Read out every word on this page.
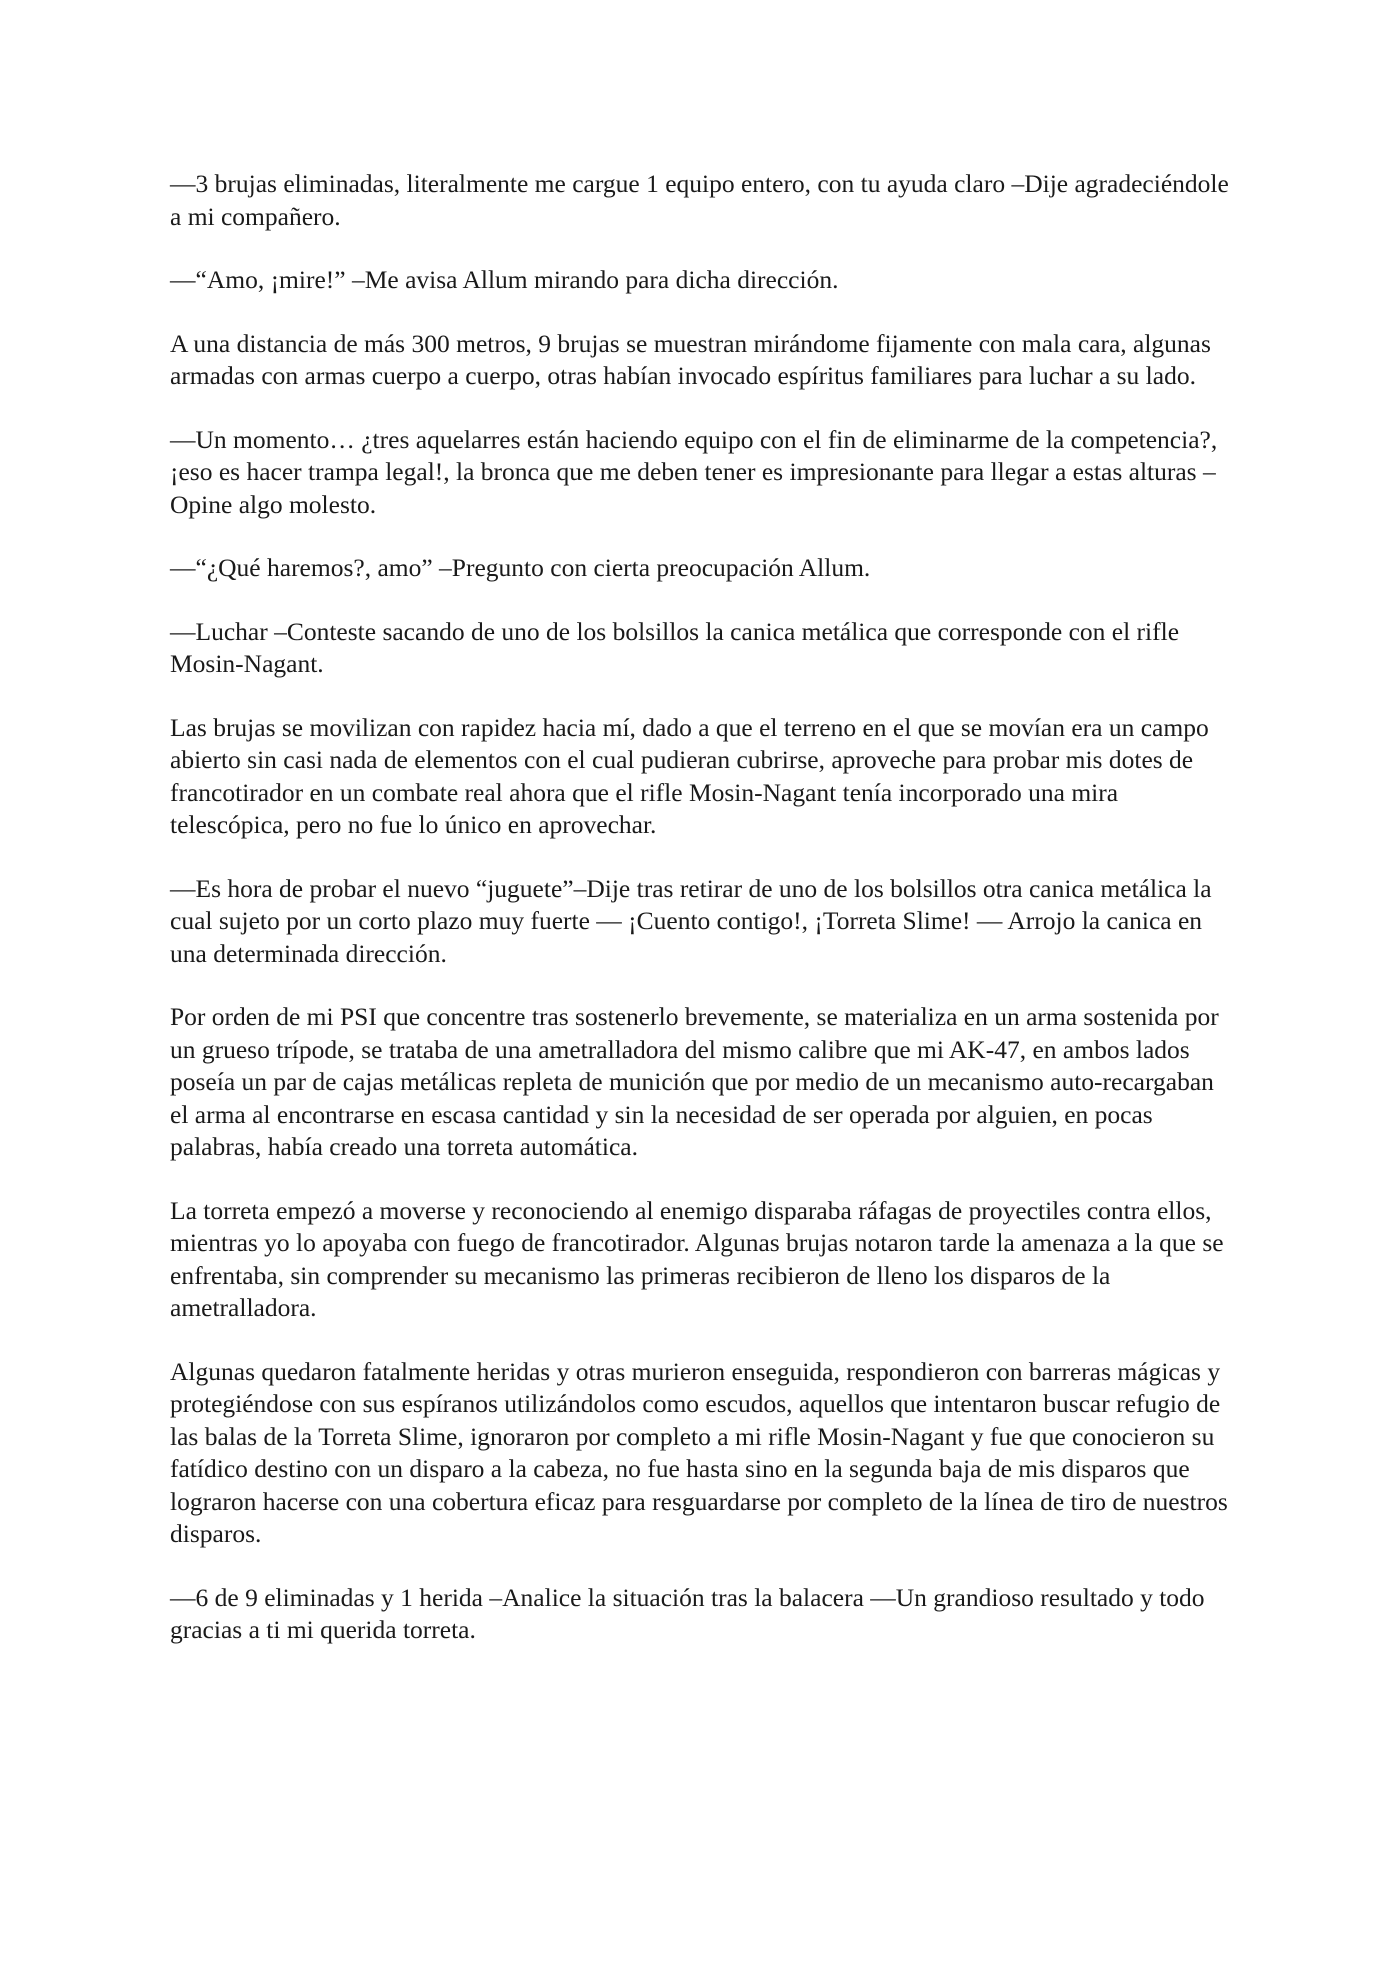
—3 brujas eliminadas, literalmente me cargue 1 equipo entero, con tu ayuda claro –Dije agradeciéndole a mi compañero.

—“Amo, ¡mire!” –Me avisa Allum mirando para dicha dirección.

A una distancia de más 300 metros, 9 brujas se muestran mirándome fijamente con mala cara, algunas armadas con armas cuerpo a cuerpo, otras habían invocado espíritus familiares para luchar a su lado.

—Un momento… ¿tres aquelarres están haciendo equipo con el fin de eliminarme de la competencia?, ¡eso es hacer trampa legal!, la bronca que me deben tener es impresionante para llegar a estas alturas –Opine algo molesto.

—“¿Qué haremos?, amo” –Pregunto con cierta preocupación Allum.

—Luchar –Conteste sacando de uno de los bolsillos la canica metálica que corresponde con el rifle Mosin-Nagant.

Las brujas se movilizan con rapidez hacia mí, dado a que el terreno en el que se movían era un campo abierto sin casi nada de elementos con el cual pudieran cubrirse, aproveche para probar mis dotes de francotirador en un combate real ahora que el rifle Mosin-Nagant tenía incorporado una mira telescópica, pero no fue lo único en aprovechar.

—Es hora de probar el nuevo “juguete”–Dije tras retirar de uno de los bolsillos otra canica metálica la cual sujeto por un corto plazo muy fuerte — ¡Cuento contigo!, ¡Torreta Slime! — Arrojo la canica en una determinada dirección.

Por orden de mi PSI que concentre tras sostenerlo brevemente, se materializa en un arma sostenida por un grueso trípode, se trataba de una ametralladora del mismo calibre que mi AK-47, en ambos lados poseía un par de cajas metálicas repleta de munición que por medio de un mecanismo auto-recargaban el arma al encontrarse en escasa cantidad y sin la necesidad de ser operada por alguien, en pocas palabras, había creado una torreta automática.

La torreta empezó a moverse y reconociendo al enemigo disparaba ráfagas de proyectiles contra ellos, mientras yo lo apoyaba con fuego de francotirador. Algunas brujas notaron tarde la amenaza a la que se enfrentaba, sin comprender su mecanismo las primeras recibieron de lleno los disparos de la ametralladora.

Algunas quedaron fatalmente heridas y otras murieron enseguida, respondieron con barreras mágicas y protegiéndose con sus espíranos utilizándolos como escudos, aquellos que intentaron buscar refugio de las balas de la Torreta Slime, ignoraron por completo a mi rifle Mosin-Nagant y fue que conocieron su fatídico destino con un disparo a la cabeza, no fue hasta sino en la segunda baja de mis disparos que lograron hacerse con una cobertura eficaz para resguardarse por completo de la línea de tiro de nuestros disparos.

—6 de 9 eliminadas y 1 herida –Analice la situación tras la balacera —Un grandioso resultado y todo gracias a ti mi querida torreta.
